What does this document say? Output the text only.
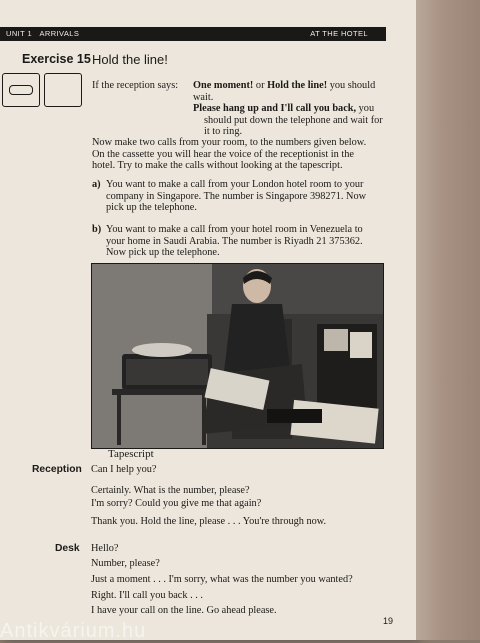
UNIT 1 ARRIVALS	AT THE HOTEL
Exercise 15 Hold the line!
If the reception says: One moment! or Hold the line! you should
wait.
Please hang up and I'll call you back, you
should put down the telephone and wait for
it to ring.
Now make two calls from your room, to the numbers given below.
On the cassette you will hear the voice of the receptionist in the
hotel. Try to make the calls without looking at the tapescript.
a) You want to make a call from your London hotel room to your
company in Singapore. The number is Singapore 398271. Now
pick up the telephone.
b) You want to make a call from your hotel room in Venezuela to
your home in Saudi Arabia. The number is Riyadh 21 375362.
Now pick up the telephone.
Tapescript
Reception Can I help you?
Certainly. What is the number, please?
I'm sorry? Could you give me that again?
Thank you. Hold the line, please . . . You're through now.
Desk Hello?
Number, please?
Just a moment . . . I'm sorry, what was the number you wanted?
Right. I'll call you back . . .
I have your call on the line. Go ahead please.
19
Antikvárium.hu
